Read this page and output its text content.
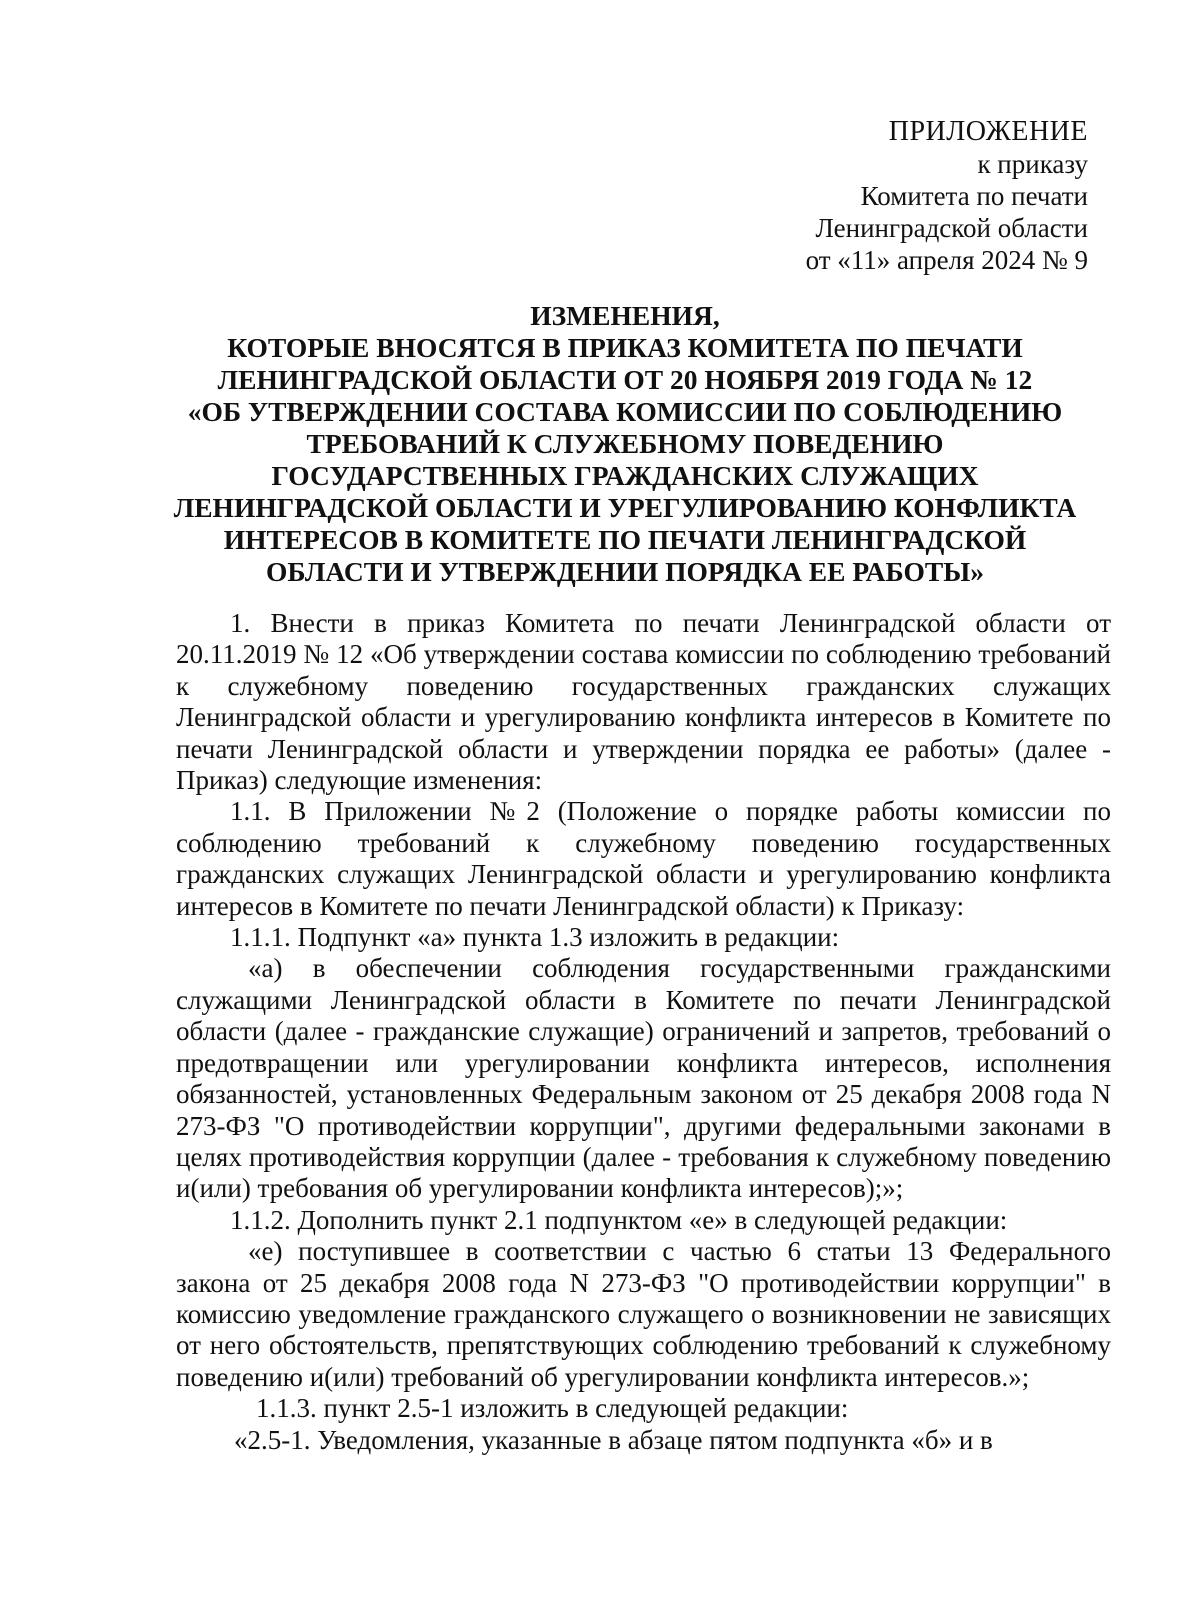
ПРИЛОЖЕНИЕ
к приказу
Комитета по печати
Ленинградской области
от «11» апреля 2024 № 9
ИЗМЕНЕНИЯ,
КОТОРЫЕ ВНОСЯТСЯ В ПРИКАЗ КОМИТЕТА ПО ПЕЧАТИ
ЛЕНИНГРАДСКОЙ ОБЛАСТИ ОТ 20 НОЯБРЯ 2019 ГОДА № 12
«ОБ УТВЕРЖДЕНИИ СОСТАВА КОМИССИИ ПО СОБЛЮДЕНИЮ
ТРЕБОВАНИЙ К СЛУЖЕБНОМУ ПОВЕДЕНИЮ
ГОСУДАРСТВЕННЫХ ГРАЖДАНСКИХ СЛУЖАЩИХ
ЛЕНИНГРАДСКОЙ ОБЛАСТИ И УРЕГУЛИРОВАНИЮ КОНФЛИКТА
ИНТЕРЕСОВ В КОМИТЕТЕ ПО ПЕЧАТИ ЛЕНИНГРАДСКОЙ
ОБЛАСТИ И УТВЕРЖДЕНИИ ПОРЯДКА ЕЕ РАБОТЫ»

1. Внести в приказ Комитета по печати Ленинградской области от 20.11.2019 № 12 «Об утверждении состава комиссии по соблюдению требований к служебному поведению государственных гражданских служащих Ленинградской области и урегулированию конфликта интересов в Комитете по печати Ленинградской области и утверждении порядка ее работы» (далее - Приказ) следующие изменения:

1.1. В Приложении №2 (Положение о порядке работы комиссии по соблюдению требований к служебному поведению государственных гражданских служащих Ленинградской области и урегулированию конфликта интересов в Комитете по печати Ленинградской области) к Приказу:

1.1.1. Подпункт «а» пункта 1.3 изложить в редакции:

«а) в обеспечении соблюдения государственными гражданскими служащими Ленинградской области в Комитете по печати Ленинградской области (далее - гражданские служащие) ограничений и запретов, требований о предотвращении или урегулировании конфликта интересов, исполнения обязанностей, установленных Федеральным законом от 25 декабря 2008 года N 273-ФЗ "О противодействии коррупции", другими федеральными законами в целях противодействия коррупции (далее - требования к служебному поведению и(или) требования об урегулировании конфликта интересов);»;

1.1.2. Дополнить пункт 2.1 подпунктом «е» в следующей редакции:

«е) поступившее в соответствии с частью 6 статьи 13 Федерального закона от 25 декабря 2008 года N 273-ФЗ "О противодействии коррупции" в комиссию уведомление гражданского служащего о возникновении не зависящих от него обстоятельств, препятствующих соблюдению требований к служебному поведению и(или) требований об урегулировании конфликта интересов.»;

1.1.3. пункт 2.5-1 изложить в следующей редакции:

«2.5-1. Уведомления, указанные в абзаце пятом подпункта «б» и в
